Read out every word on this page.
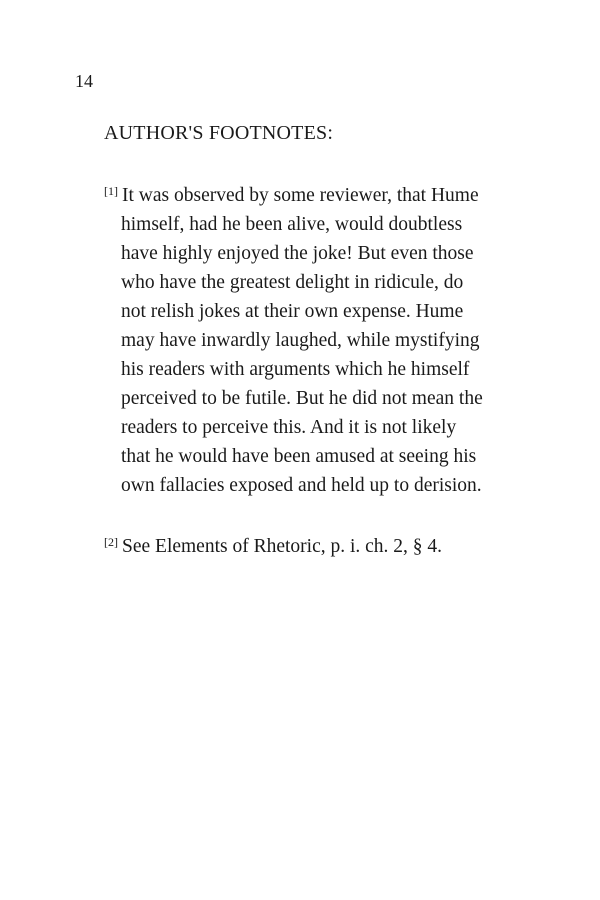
14
AUTHOR'S FOOTNOTES:
[1] It was observed by some reviewer, that Hume
himself, had he been alive, would doubtless
have highly enjoyed the joke! But even those
who have the greatest delight in ridicule, do
not relish jokes at their own expense. Hume
may have inwardly laughed, while mystifying
his readers with arguments which he himself
perceived to be futile. But he did not mean the
readers to perceive this. And it is not likely
that he would have been amused at seeing his
own fallacies exposed and held up to derision.
[2] See Elements of Rhetoric, p. i. ch. 2, § 4.
